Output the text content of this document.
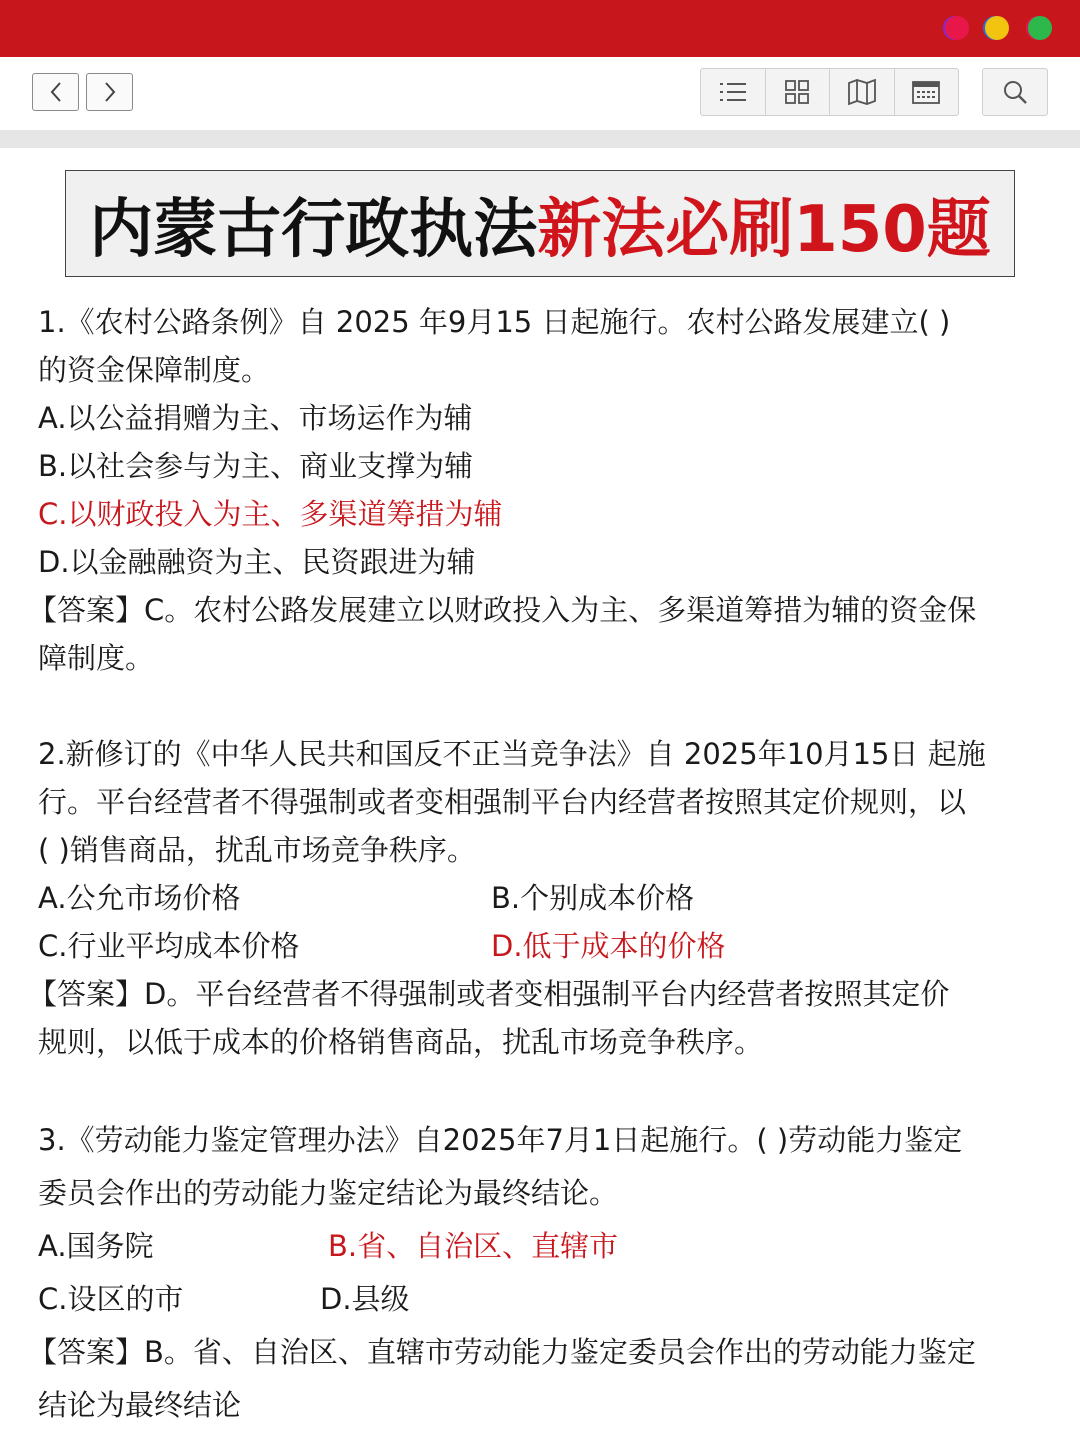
内蒙古行政执法 新法必刷150题
1.《农村公路条例》自 2025 年9月15 日起施行。农村公路发展建立( )
的资金保障制度。
A.以公益捐赠为主、市场运作为辅
B.以社会参与为主、商业支撑为辅
C.以财政投入为主、多渠道筹措为辅
D.以金融融资为主、民资跟进为辅
【答案】C。农村公路发展建立以财政投入为主、多渠道筹措为辅的资金保
障制度。
2.新修订的《中华人民共和国反不正当竞争法》自 2025年10月15日 起施
行。平台经营者不得强制或者变相强制平台内经营者按照其定价规则，以
( )销售商品，扰乱市场竞争秩序。
A.公允市场价格	B.个别成本价格
C.行业平均成本价格	D.低于成本的价格
【答案】D。平台经营者不得强制或者变相强制平台内经营者按照其定价
规则，以低于成本的价格销售商品，扰乱市场竞争秩序。
3.《劳动能力鉴定管理办法》自2025年7月1日起施行。( )劳动能力鉴定
委员会作出的劳动能力鉴定结论为最终结论。
A.国务院	B.省、自治区、直辖市
C.设区的市	D.县级
【答案】B。省、自治区、直辖市劳动能力鉴定委员会作出的劳动能力鉴定
结论为最终结论
